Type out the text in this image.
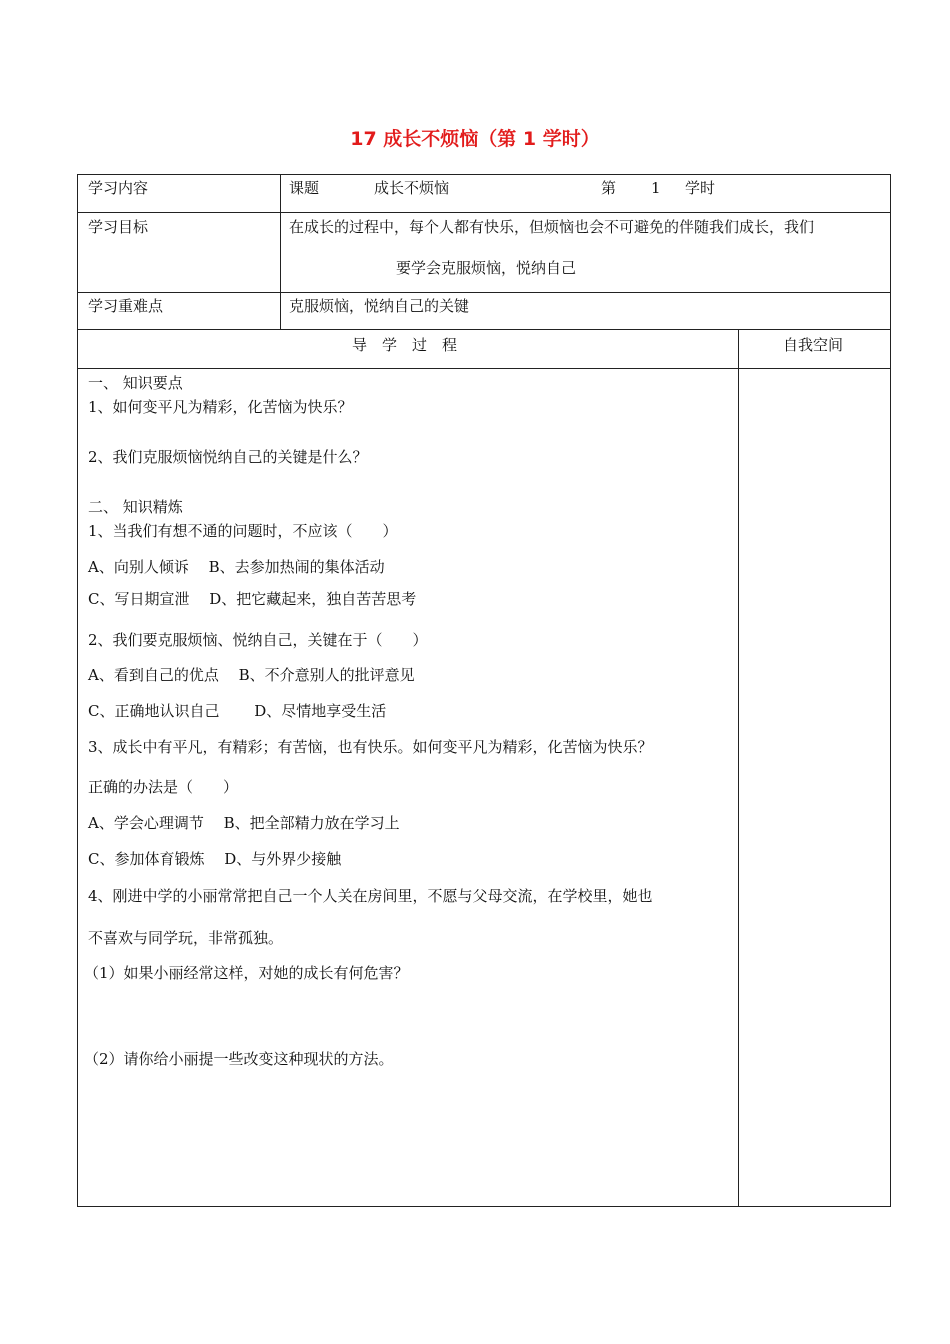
17 成长不烦恼（第 1 学时）
学习内容	课题	成长不烦恼	第 1 学时
学习目标	在成长的过程中，每个人都有快乐，但烦恼也会不可避免的伴随我们成长，我们
要学会克服烦恼，悦纳自己
学习重难点	克服烦恼，悦纳自己的关键
导　学　过　程	自我空间
一、 知识要点
1、如何变平凡为精彩，化苦恼为快乐？
2、我们克服烦恼悦纳自己的关键是什么？
二、 知识精炼
1、当我们有想不通的问题时，不应该（　　）
A、向别人倾诉　 B、去参加热闹的集体活动
C、写日期宣泄　 D、把它藏起来，独自苦苦思考
2、我们要克服烦恼、悦纳自己，关键在于（　　）
A、看到自己的优点　 B、不介意别人的批评意见
C、正确地认识自己　 　D、尽情地享受生活
3、成长中有平凡，有精彩；有苦恼，也有快乐。如何变平凡为精彩，化苦恼为快乐？
正确的办法是（　　）
A、学会心理调节　 B、把全部精力放在学习上
C、参加体育锻炼　 D、与外界少接触
4、刚进中学的小丽常常把自己一个人关在房间里，不愿与父母交流，在学校里，她也
不喜欢与同学玩，非常孤独。
（1）如果小丽经常这样，对她的成长有何危害？
（2）请你给小丽提一些改变这种现状的方法。
